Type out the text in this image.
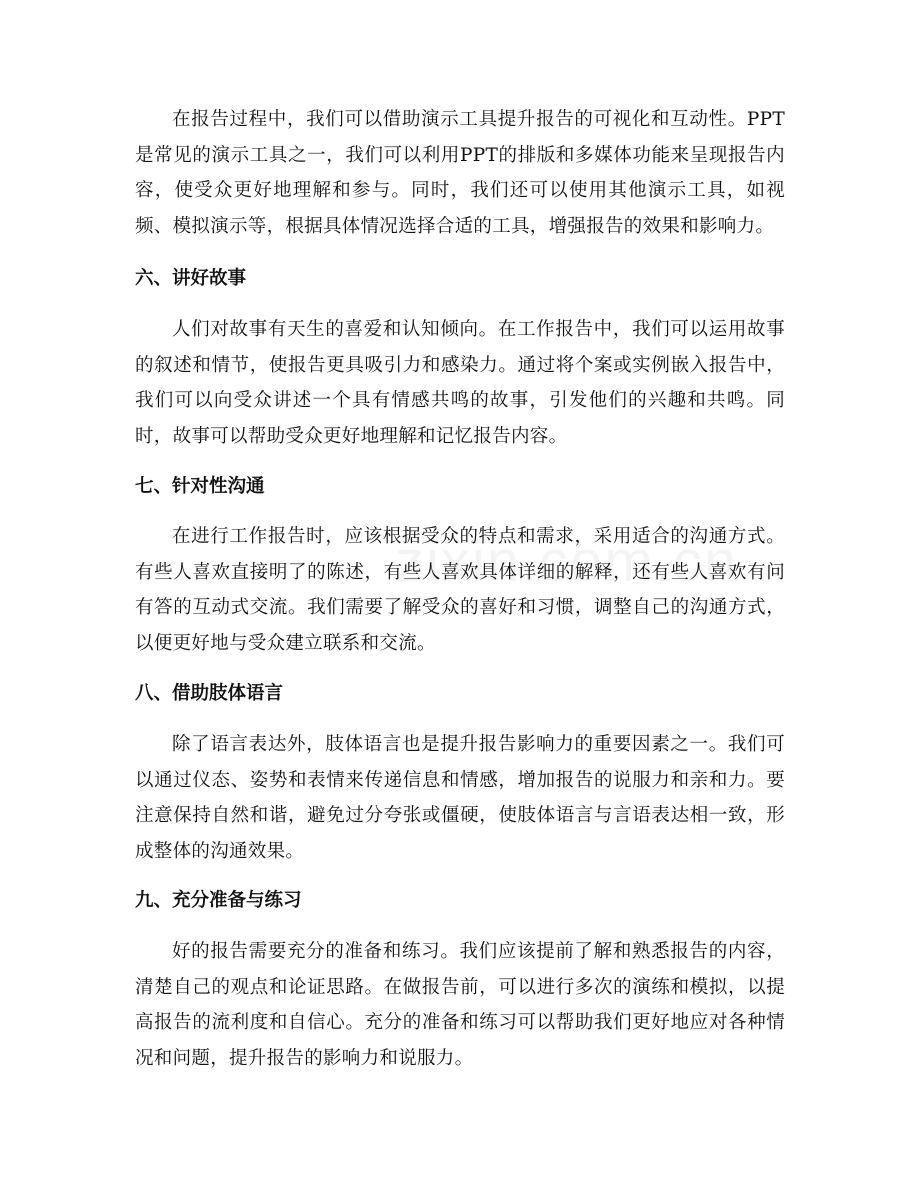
在报告过程中，我们可以借助演示工具提升报告的可视化和互动性。PPT是常见的演示工具之一，我们可以利用PPT的排版和多媒体功能来呈现报告内容，使受众更好地理解和参与。同时，我们还可以使用其他演示工具，如视频、模拟演示等，根据具体情况选择合适的工具，增强报告的效果和影响力。

六、讲好故事

人们对故事有天生的喜爱和认知倾向。在工作报告中，我们可以运用故事的叙述和情节，使报告更具吸引力和感染力。通过将个案或实例嵌入报告中，我们可以向受众讲述一个具有情感共鸣的故事，引发他们的兴趣和共鸣。同时，故事可以帮助受众更好地理解和记忆报告内容。

七、针对性沟通

在进行工作报告时，应该根据受众的特点和需求，采用适合的沟通方式。有些人喜欢直接明了的陈述，有些人喜欢具体详细的解释，还有些人喜欢有问有答的互动式交流。我们需要了解受众的喜好和习惯，调整自己的沟通方式，以便更好地与受众建立联系和交流。

八、借助肢体语言

除了语言表达外，肢体语言也是提升报告影响力的重要因素之一。我们可以通过仪态、姿势和表情来传递信息和情感，增加报告的说服力和亲和力。要注意保持自然和谐，避免过分夸张或僵硬，使肢体语言与言语表达相一致，形成整体的沟通效果。

九、充分准备与练习

好的报告需要充分的准备和练习。我们应该提前了解和熟悉报告的内容，清楚自己的观点和论证思路。在做报告前，可以进行多次的演练和模拟，以提高报告的流利度和自信心。充分的准备和练习可以帮助我们更好地应对各种情况和问题，提升报告的影响力和说服力。
